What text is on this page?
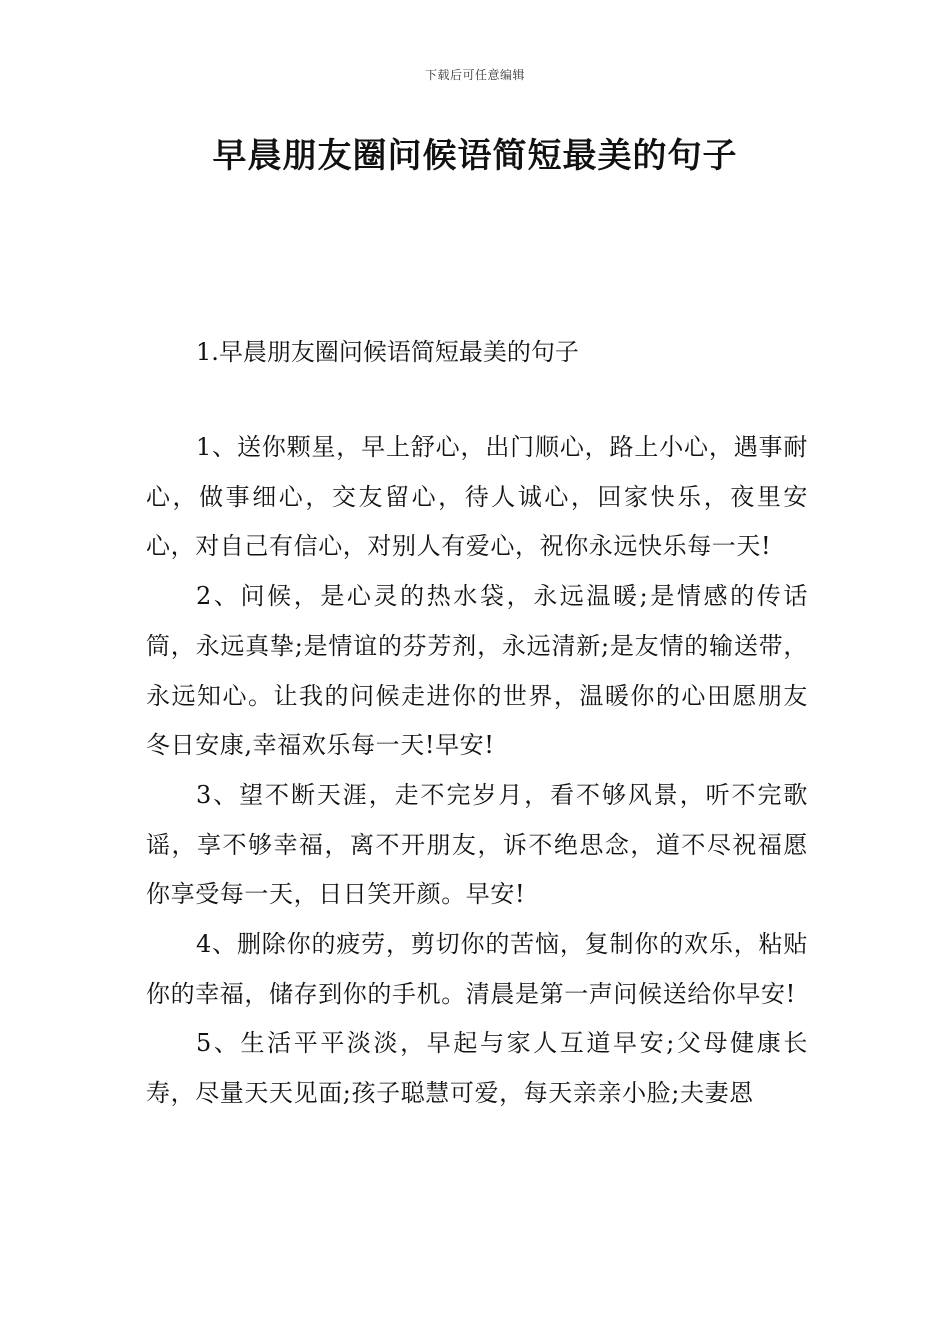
下载后可任意编辑
早晨朋友圈问候语简短最美的句子
1.早晨朋友圈问候语简短最美的句子

1、送你颗星，早上舒心，出门顺心，路上小心，遇事耐心，做事细心，交友留心，待人诚心，回家快乐，夜里安心，对自己有信心，对别人有爱心，祝你永远快乐每一天!

2、问候，是心灵的热水袋，永远温暖;是情感的传话筒，永远真挚;是情谊的芬芳剂，永远清新;是友情的输送带，永远知心。让我的问候走进你的世界，温暖你的心田愿朋友冬日安康,幸福欢乐每一天!早安!

3、望不断天涯，走不完岁月，看不够风景，听不完歌谣，享不够幸福，离不开朋友，诉不绝思念，道不尽祝福愿你享受每一天，日日笑开颜。早安!

4、删除你的疲劳，剪切你的苦恼，复制你的欢乐，粘贴你的幸福，储存到你的手机。清晨是第一声问候送给你早安!

5、生活平平淡淡，早起与家人互道早安;父母健康长寿，尽量天天见面;孩子聪慧可爱，每天亲亲小脸;夫妻恩
